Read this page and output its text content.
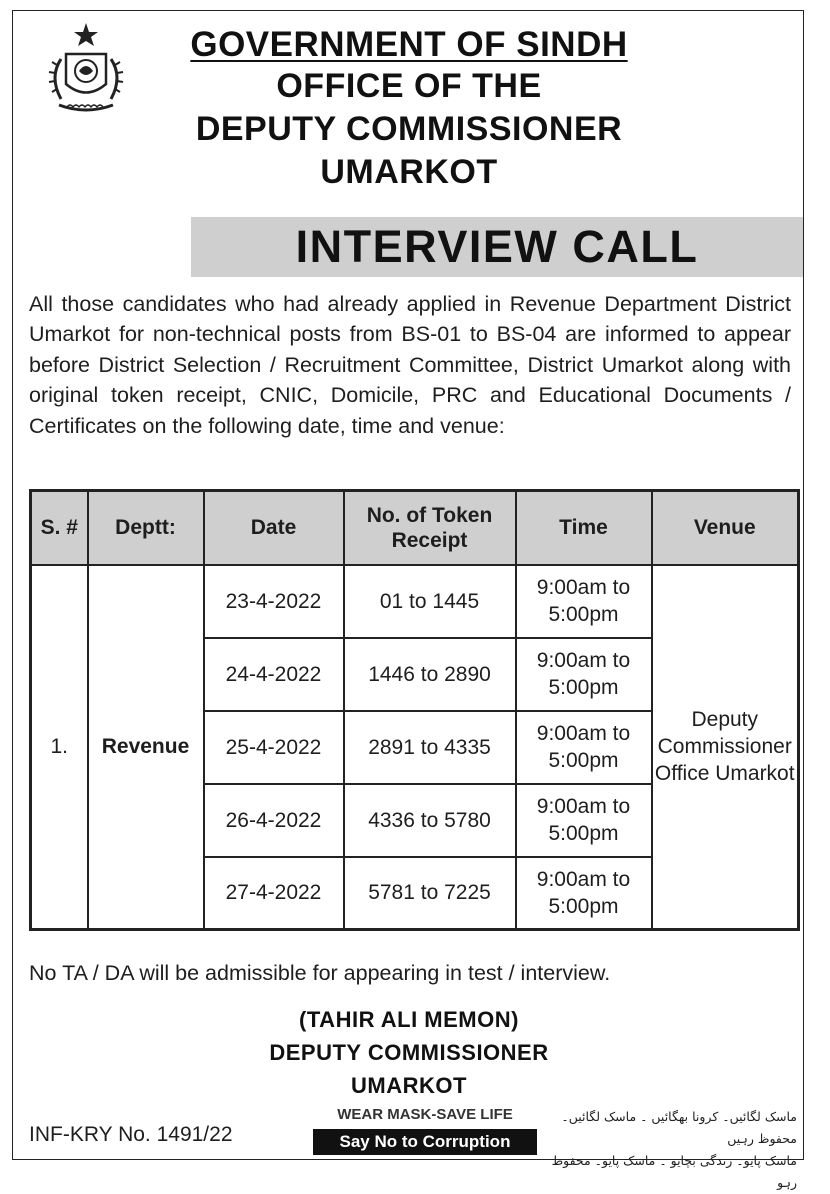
GOVERNMENT OF SINDH
OFFICE OF THE
DEPUTY COMMISSIONER
UMARKOT
INTERVIEW CALL

All those candidates who had already applied in Revenue Department District Umarkot for non-technical posts from BS-01 to BS-04 are informed to appear before District Selection / Recruitment Committee, District Umarkot along with original token receipt, CNIC, Domicile, PRC and Educational Documents / Certificates on the following date, time and venue:

S. #	Deptt:	Date	No. of Token Receipt	Time	Venue
1.	Revenue	23-4-2022	01 to 1445	9:00am to 5:00pm	Deputy Commissioner Office Umarkot
		24-4-2022	1446 to 2890	9:00am to 5:00pm	
		25-4-2022	2891 to 4335	9:00am to 5:00pm	
		26-4-2022	4336 to 5780	9:00am to 5:00pm	
		27-4-2022	5781 to 7225	9:00am to 5:00pm	
No TA / DA will be admissible for appearing in test / interview.
(TAHIR ALI MEMON)
DEPUTY COMMISSIONER
UMARKOT
INF-KRY No. 1491/22
WEAR MASK-SAVE LIFE
Say No to Corruption
ماسک لگائیں۔ کرونا بھگائیں ۔ ماسک لگائیں۔ محفوظ رہیں
ماسک پایو۔ زندگی بچایو ۔ ماسک پایو۔ محفوظ رہو
